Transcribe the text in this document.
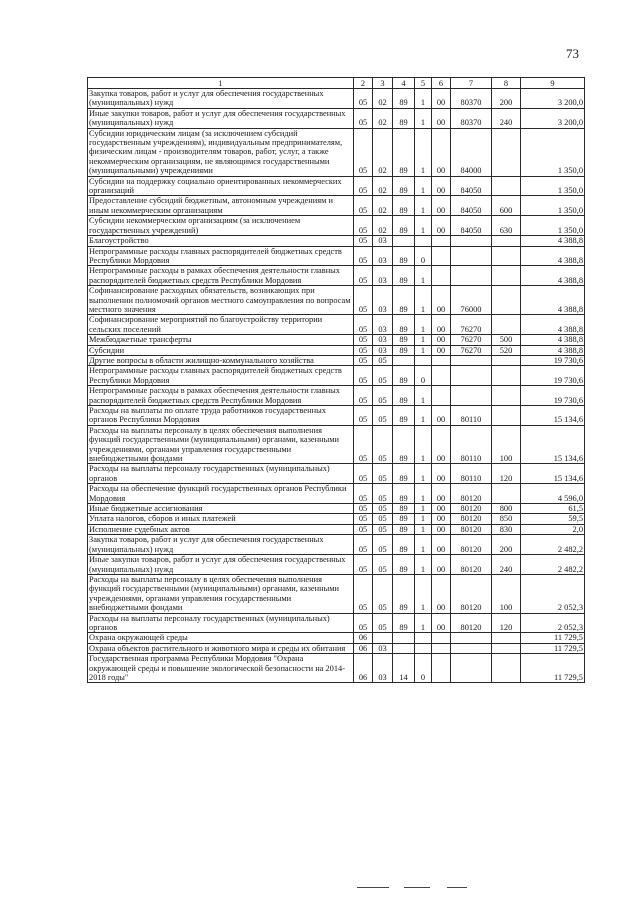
73
1	2	3	4	5	6	7	8	9
Закупка товаров, работ и услуг для обеспечения государственных (муниципальных) нужд	05	02	89	1	00	80370	200	3 200,0
Иные закупки товаров, работ и услуг для обеспечения государственных (муниципальных) нужд	05	02	89	1	00	80370	240	3 200,0
Субсидии юридическим лицам (за исключением субсидий государственным учреждениям), индивидуальным предпринимателям, физическим лицам - производителям товаров, работ, услуг, а также некоммерческим организациям, не являющимся государственными (муниципальными) учреждениями	05	02	89	1	00	84000		1 350,0
Субсидии на поддержку социально ориентированных некоммерческих организаций	05	02	89	1	00	84050		1 350,0
Предоставление субсидий бюджетным, автономным учреждениям и иным некоммерческим организациям	05	02	89	1	00	84050	600	1 350,0
Субсидии некоммерческим организациям (за исключением государственных учреждений)	05	02	89	1	00	84050	630	1 350,0
Благоустройство	05	03						4 388,8
Непрограммные расходы главных распорядителей бюджетных средств Республики Мордовия	05	03	89	0				4 388,8
Непрограммные расходы в рамках обеспечения деятельности главных распорядителей бюджетных средств Республики Мордовия	05	03	89	1				4 388,8
Софинансирование расходных обязательств, возникающих при выполнении полномочий органов местного самоуправления по вопросам местного значения	05	03	89	1	00	76000		4 388,8
Софинансирование мероприятий по благоустройству территории сельских поселений	05	03	89	1	00	76270		4 388,8
Межбюджетные трансферты	05	03	89	1	00	76270	500	4 388,8
Субсидии	05	03	89	1	00	76270	520	4 388,8
Другие вопросы в области жилищно-коммунального хозяйства	05	05						19 730,6
Непрограммные расходы главных распорядителей бюджетных средств Республики Мордовия	05	05	89	0				19 730,6
Непрограммные расходы в рамках обеспечения деятельности главных распорядителей бюджетных средств Республики Мордовия	05	05	89	1				19 730,6
Расходы на выплаты по оплате труда работников государственных органов Республики Мордовия	05	05	89	1	00	80110		15 134,6
Расходы на выплаты персоналу в целях обеспечения выполнения функций государственными (муниципальными) органами, казенными учреждениями, органами управления государственными внебюджетными фондами	05	05	89	1	00	80110	100	15 134,6
Расходы на выплаты персоналу государственных (муниципальных) органов	05	05	89	1	00	80110	120	15 134,6
Расходы на обеспечение функций государственных органов Республики Мордовия	05	05	89	1	00	80120		4 596,0
Иные бюджетные ассигнования	05	05	89	1	00	80120	800	61,5
Уплата налогов, сборов и иных платежей	05	05	89	1	00	80120	850	59,5
Исполнение судебных актов	05	05	89	1	00	80120	830	2,0
Закупка товаров, работ и услуг для обеспечения государственных (муниципальных) нужд	05	05	89	1	00	80120	200	2 482,2
Иные закупки товаров, работ и услуг для обеспечения государственных (муниципальных) нужд	05	05	89	1	00	80120	240	2 482,2
Расходы на выплаты персоналу в целях обеспечения выполнения функций государственными (муниципальными) органами, казенными учреждениями, органами управления государственными внебюджетными фондами	05	05	89	1	00	80120	100	2 052,3
Расходы на выплаты персоналу государственных (муниципальных) органов	05	05	89	1	00	80120	120	2 052,3
Охрана окружающей среды	06							11 729,5
Охрана объектов растительного и животного мира и среды их обитания	06	03						11 729,5
Государственная программа Республики Мордовия "Охрана окружающей среды и повышение экологической безопасности на 2014-2018 годы"	06	03	14	0				11 729,5
